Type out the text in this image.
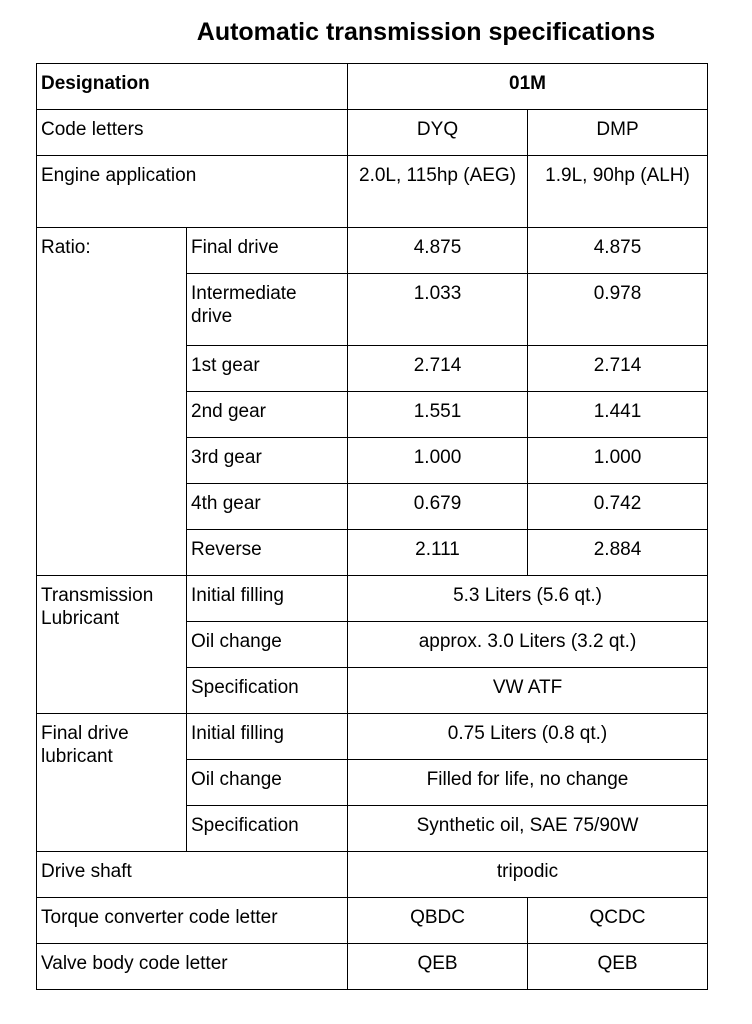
Automatic transmission specifications
Designation		01M	
Code letters		DYQ	DMP
Engine application		2.0L, 115hp (AEG)	1.9L, 90hp (ALH)
Ratio:	Final drive	4.875	4.875
	Intermediate drive	1.033	0.978
	1st gear	2.714	2.714
	2nd gear	1.551	1.441
	3rd gear	1.000	1.000
	4th gear	0.679	0.742
	Reverse	2.111	2.884
Transmission Lubricant	Initial filling	5.3 Liters (5.6 qt.)	
	Oil change	approx. 3.0 Liters (3.2 qt.)	
	Specification	VW ATF	
Final drive lubricant	Initial filling	0.75 Liters (0.8 qt.)	
	Oil change	Filled for life, no change	
	Specification	Synthetic oil, SAE 75/90W	
Drive shaft		tripodic	
Torque converter code letter		QBDC	QCDC
Valve body code letter		QEB	QEB
